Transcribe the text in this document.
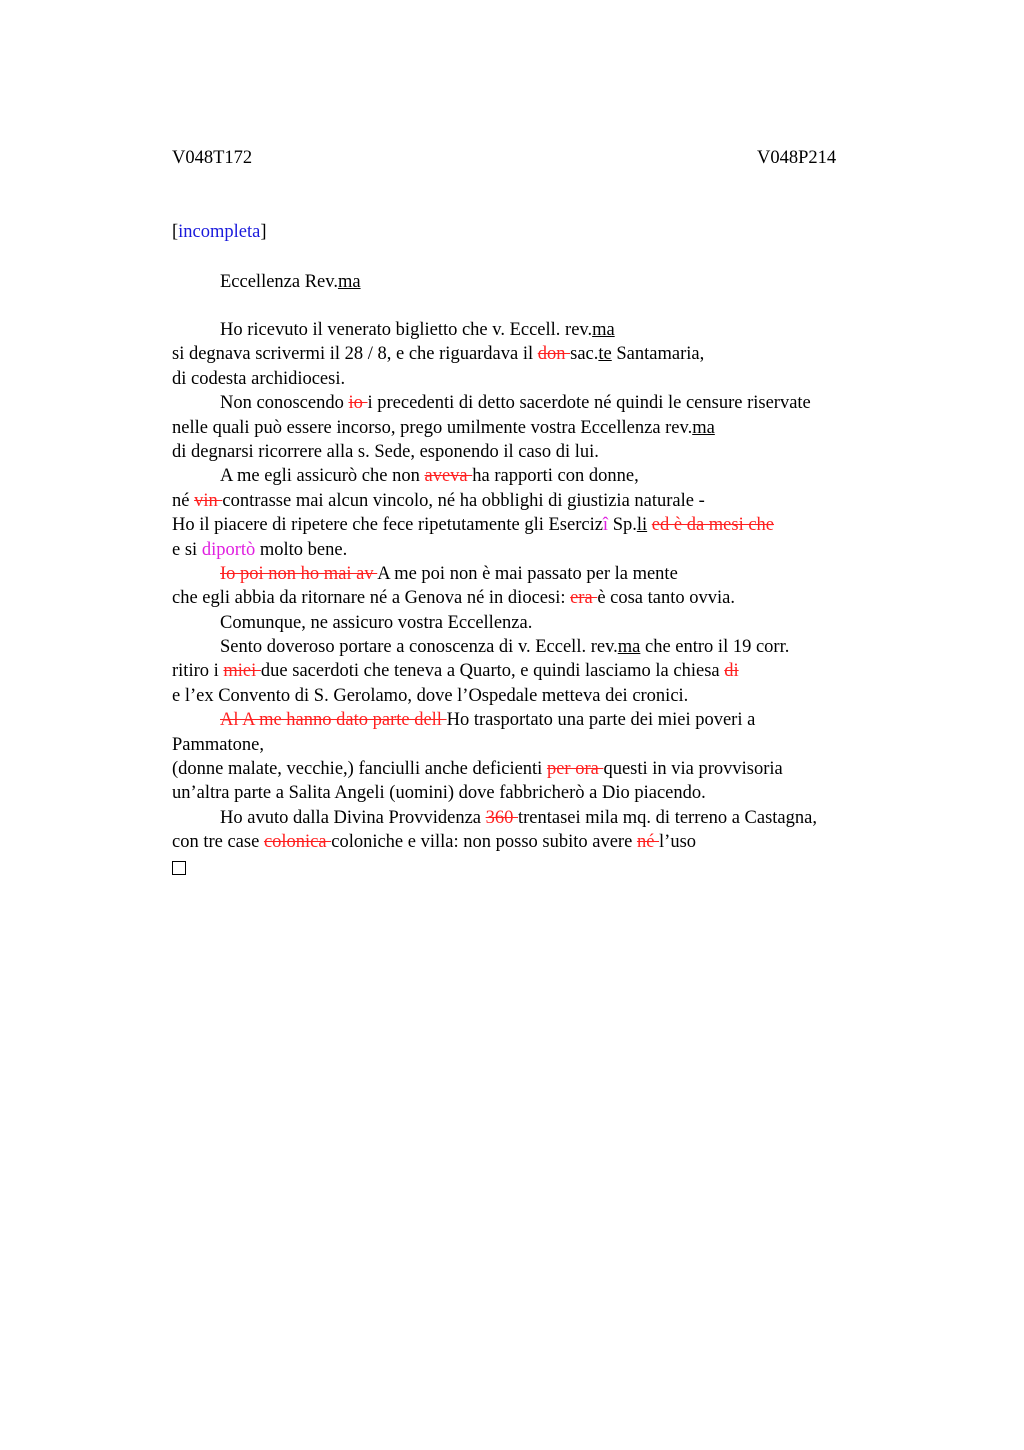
V048T172	V048P214
[incompleta]
Eccellenza Rev.ma
Ho ricevuto il venerato biglietto che v. Eccell. rev.ma
si degnava scrivermi il 28 / 8, e che riguardava il don sac.te Santamaria,
di codesta archidiocesi.
Non conoscendo io i precedenti di detto sacerdote né quindi le censure riservate
nelle quali può essere incorso, prego umilmente vostra Eccellenza rev.ma
di degnarsi ricorrere alla s. Sede, esponendo il caso di lui.
A me egli assicurò che non aveva ha rapporti con donne,
né vin contrasse mai alcun vincolo, né ha obblighi di giustizia naturale -
Ho il piacere di ripetere che fece ripetutamente gli Esercizî Sp.li ed è da mesi che
e si diportò molto bene.
Io poi non ho mai av A me poi non è mai passato per la mente
che egli abbia da ritornare né a Genova né in diocesi: era è cosa tanto ovvia.
Comunque, ne assicuro vostra Eccellenza.
Sento doveroso portare a conoscenza di v. Eccell. rev.ma che entro il 19 corr.
ritiro i miei due sacerdoti che teneva a Quarto, e quindi lasciamo la chiesa di
e l’ex Convento di S. Gerolamo, dove l’Ospedale metteva dei cronici.
Al A me hanno dato parte dell Ho trasportato una parte dei miei poveri a
Pammatone,
(donne malate, vecchie,) fanciulli anche deficienti per ora questi in via provvisoria
un’altra parte a Salita Angeli (uomini) dove fabbricherò a Dio piacendo.
Ho avuto dalla Divina Provvidenza 360 trentasei mila mq. di terreno a Castagna,
con tre case colonica coloniche e villa: non posso subito avere né l’uso
